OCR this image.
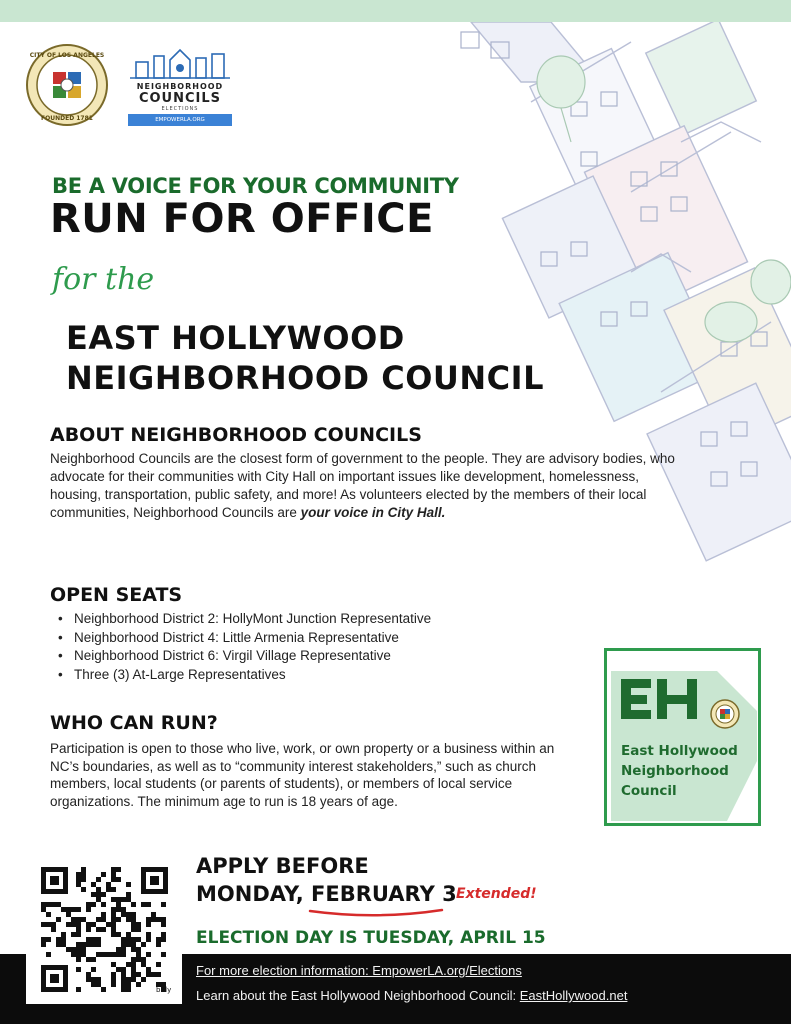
CITY OF LOS ANGELES
FOUNDED 1781
NEIGHBORHOOD
COUNCILS
ELECTIONS
EMPOWERLA.ORG
BE A VOICE FOR YOUR COMMUNITY
RUN FOR OFFICE
for the
EAST HOLLYWOOD
NEIGHBORHOOD COUNCIL
ABOUT NEIGHBORHOOD COUNCILS

Neighborhood Councils are the closest form of government to the people. They are advisory bodies, who advocate for their communities with City Hall on important issues like development, homelessness, housing, transportation, public safety, and more! As volunteers elected by the members of their local communities, Neighborhood Councils are your voice in City Hall.

OPEN SEATS
• Neighborhood District 2: HollyMont Junction Representative
• Neighborhood District 4: Little Armenia Representative
• Neighborhood District 6: Virgil Village Representative
• Three (3) At-Large Representatives
WHO CAN RUN?

Participation is open to those who live, work, or own property or a business within an NC’s boundaries, as well as to “community interest stakeholders,” such as church members, local students (or parents of students), or members of local service organizations. The minimum age to run is 18 years of age.

East Hollywood
Neighborhood
Council
bitly
APPLY BEFORE
MONDAY, FEBRUARY 3 Extended!
ELECTION DAY IS TUESDAY, APRIL 15
For more election information: EmpowerLA.org/Elections
Learn about the East Hollywood Neighborhood Council: EastHollywood.net
